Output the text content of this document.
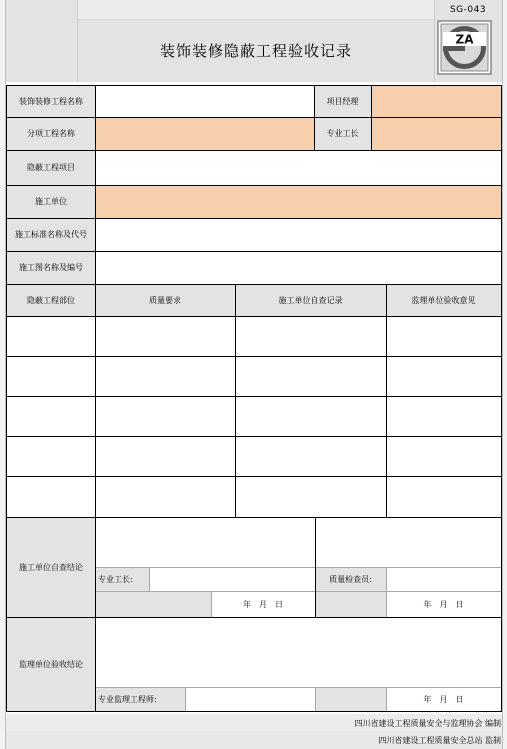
SG-043
装饰装修隐蔽工程验收记录
ZA
装饰装修工程名称	项目经理
分项工程名称	专业工长
隐蔽工程项目
施工单位
施工标准名称及代号
施工图名称及编号
隐蔽工程部位	质量要求	施工单位自查记录	监理单位验收意见
施工单位自查结论
专业工长:	质量检查员:
年　月　日	年　月　日
监理单位验收结论
专业监理工程师:	年　月　日
四川省建设工程质量安全与监理协会 编制
四川省建设工程质量安全总站 监制
